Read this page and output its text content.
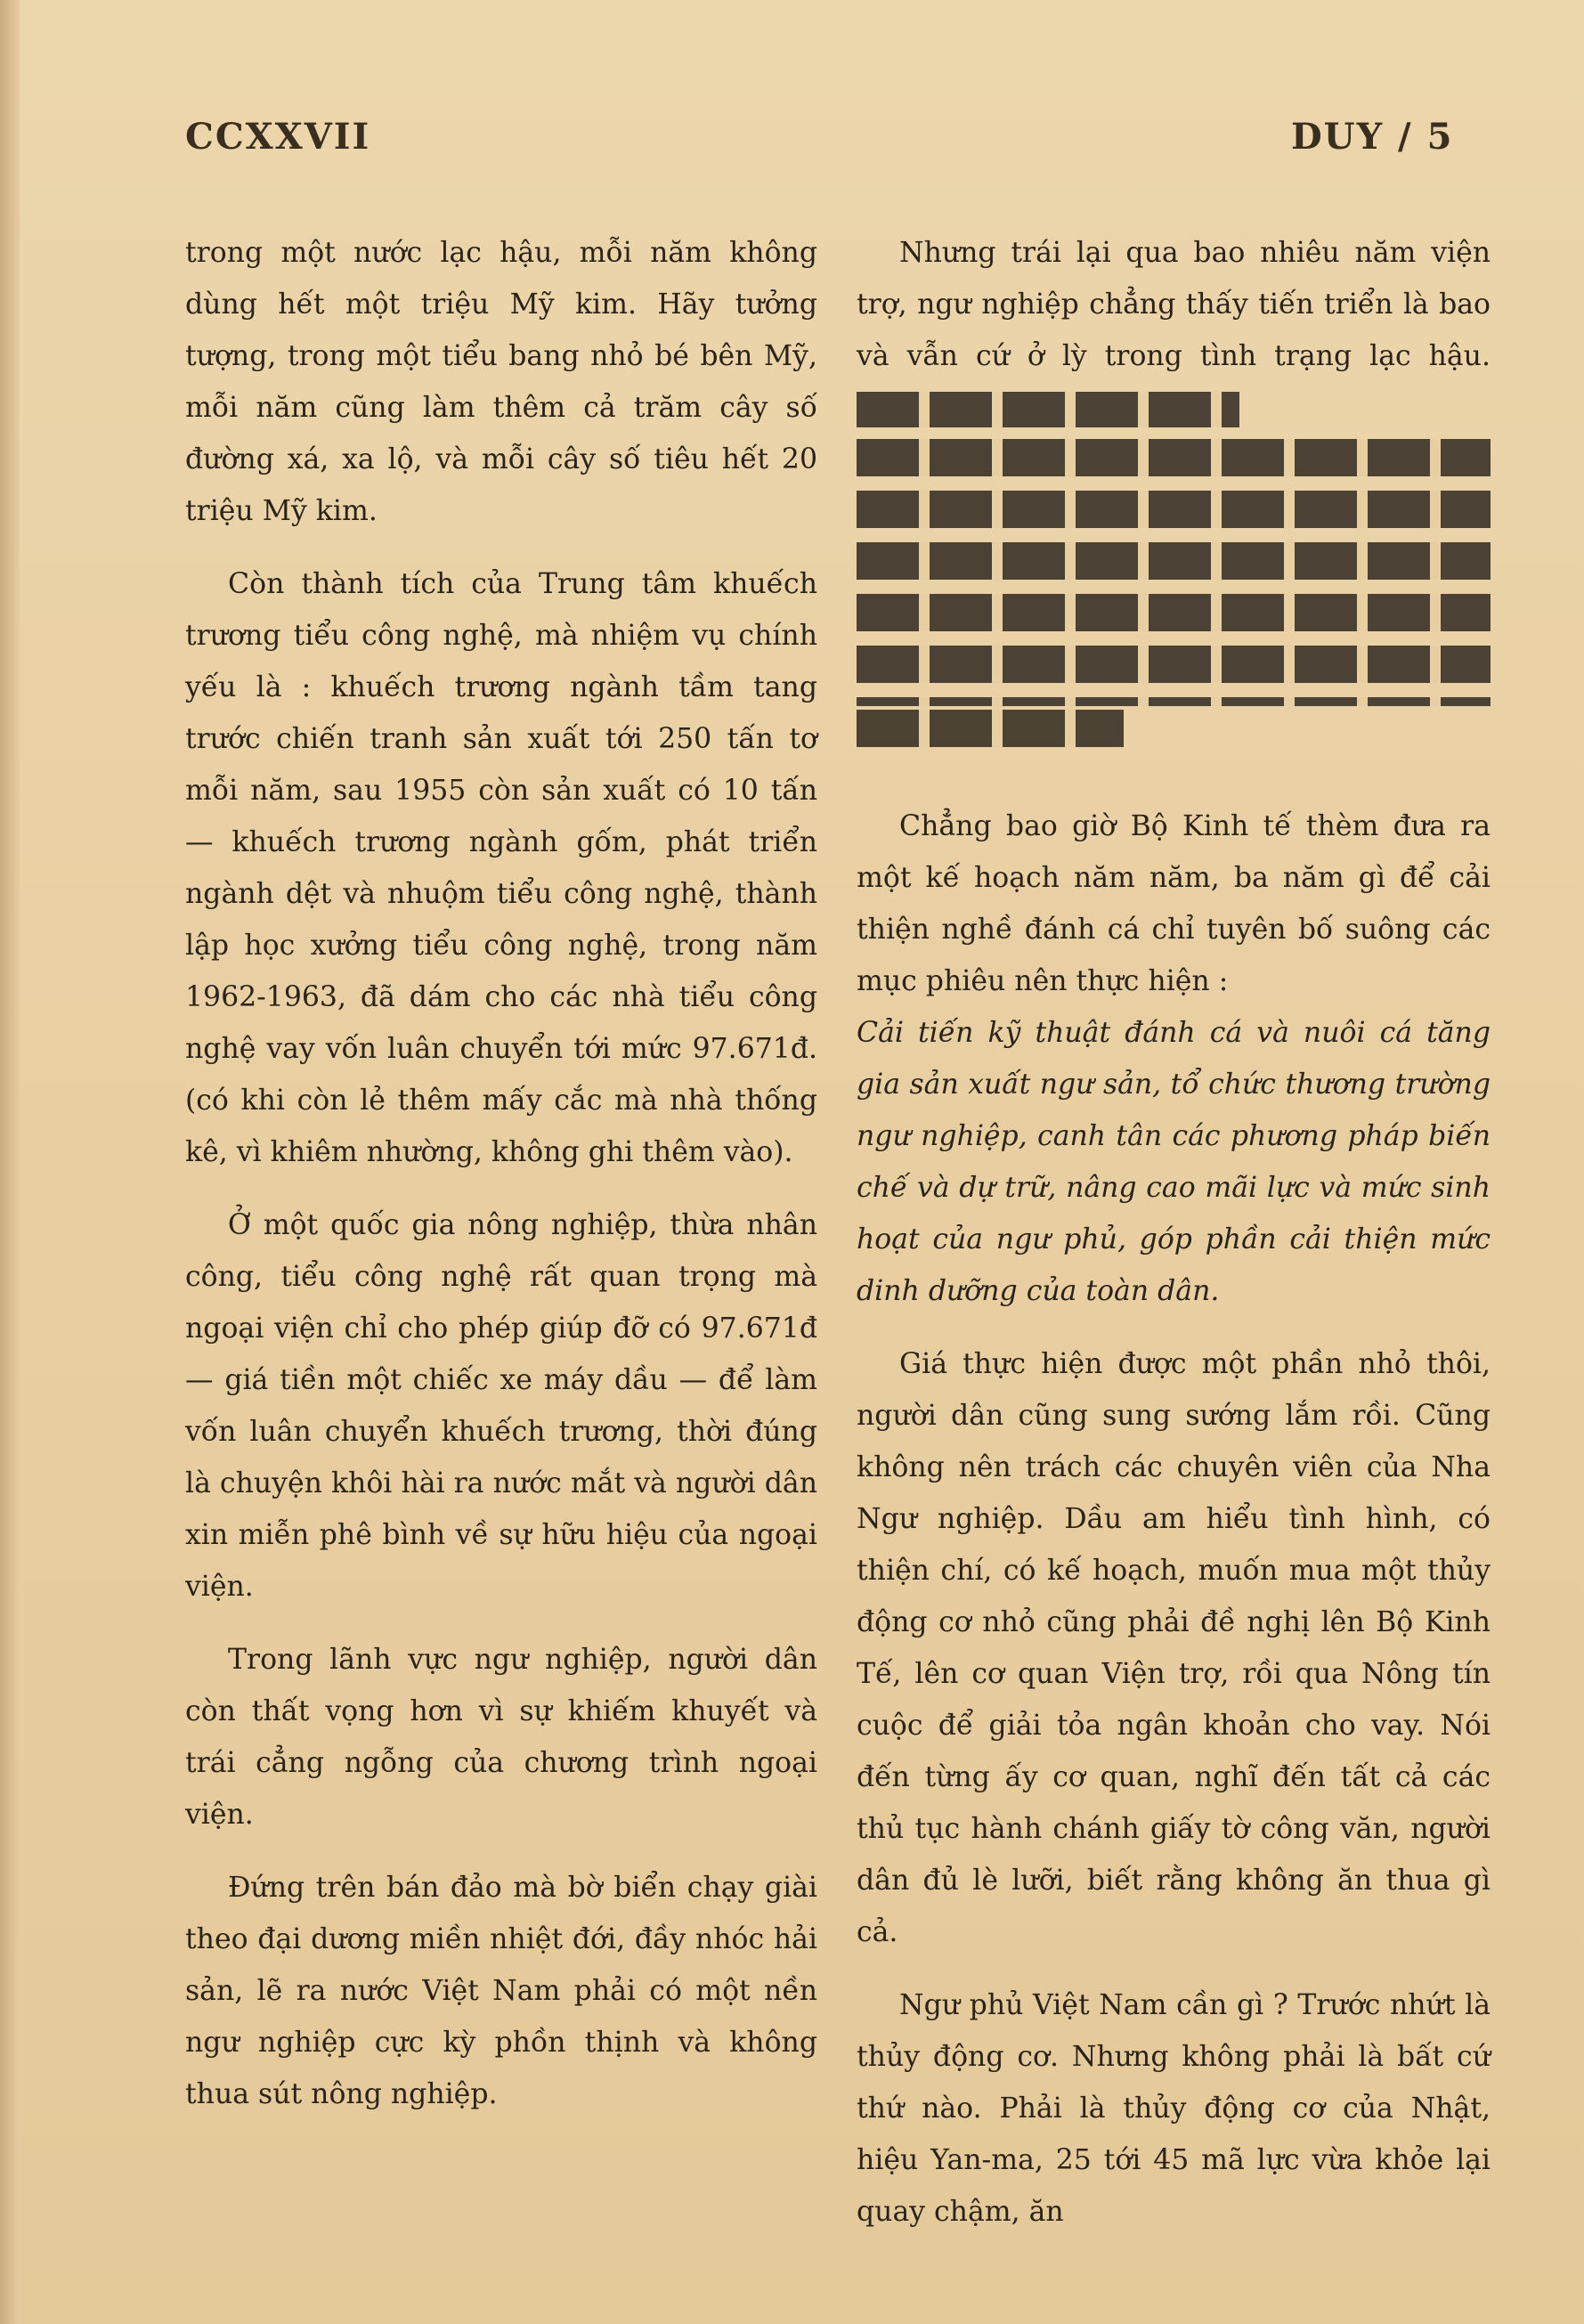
CCXXVII	DUY / 5

trong một nước lạc hậu, mỗi năm không dùng hết một triệu Mỹ kim. Hãy tưởng tượng, trong một tiểu bang nhỏ bé bên Mỹ, mỗi năm cũng làm thêm cả trăm cây số đường xá, xa lộ, và mỗi cây số tiêu hết 20 triệu Mỹ kim.

Còn thành tích của Trung tâm khuếch trương tiểu công nghệ, mà nhiệm vụ chính yếu là : khuếch trương ngành tầm tang trước chiến tranh sản xuất tới 250 tấn tơ mỗi năm, sau 1955 còn sản xuất có 10 tấn — khuếch trương ngành gốm, phát triển ngành dệt và nhuộm tiểu công nghệ, thành lập học xưởng tiểu công nghệ, trong năm 1962-1963, đã dám cho các nhà tiểu công nghệ vay vốn luân chuyển tới mức 97.671đ. (có khi còn lẻ thêm mấy cắc mà nhà thống kê, vì khiêm nhường, không ghi thêm vào).

Ở một quốc gia nông nghiệp, thừa nhân công, tiểu công nghệ rất quan trọng mà ngoại viện chỉ cho phép giúp đỡ có 97.671đ — giá tiền một chiếc xe máy dầu — để làm vốn luân chuyển khuếch trương, thời đúng là chuyện khôi hài ra nước mắt và người dân xin miễn phê bình về sự hữu hiệu của ngoại viện.

Trong lãnh vực ngư nghiệp, người dân còn thất vọng hơn vì sự khiếm khuyết và trái cẳng ngỗng của chương trình ngoại viện.

Đứng trên bán đảo mà bờ biển chạy giài theo đại dương miền nhiệt đới, đầy nhóc hải sản, lẽ ra nước Việt Nam phải có một nền ngư nghiệp cực kỳ phồn thịnh và không thua sút nông nghiệp.

Nhưng trái lại qua bao nhiêu năm viện trợ, ngư nghiệp chẳng thấy tiến triển là bao và vẫn cứ ở lỳ trong tình trạng lạc hậu.

Chẳng bao giờ Bộ Kinh tế thèm đưa ra một kế hoạch năm năm, ba năm gì để cải thiện nghề đánh cá chỉ tuyên bố suông các mục phiêu nên thực hiện :

Cải tiến kỹ thuật đánh cá và nuôi cá tăng gia sản xuất ngư sản, tổ chức thương trường ngư nghiệp, canh tân các phương pháp biến chế và dự trữ, nâng cao mãi lực và mức sinh hoạt của ngư phủ, góp phần cải thiện mức dinh dưỡng của toàn dân.

Giá thực hiện được một phần nhỏ thôi, người dân cũng sung sướng lắm rồi. Cũng không nên trách các chuyên viên của Nha Ngư nghiệp. Dầu am hiểu tình hình, có thiện chí, có kế hoạch, muốn mua một thủy động cơ nhỏ cũng phải đề nghị lên Bộ Kinh Tế, lên cơ quan Viện trợ, rồi qua Nông tín cuộc để giải tỏa ngân khoản cho vay. Nói đến từng ấy cơ quan, nghĩ đến tất cả các thủ tục hành chánh giấy tờ công văn, người dân đủ lè lưỡi, biết rằng không ăn thua gì cả.

Ngư phủ Việt Nam cần gì ? Trước nhứt là thủy động cơ. Nhưng không phải là bất cứ thứ nào. Phải là thủy động cơ của Nhật, hiệu Yan-ma, 25 tới 45 mã lực vừa khỏe lại quay chậm, ăn
